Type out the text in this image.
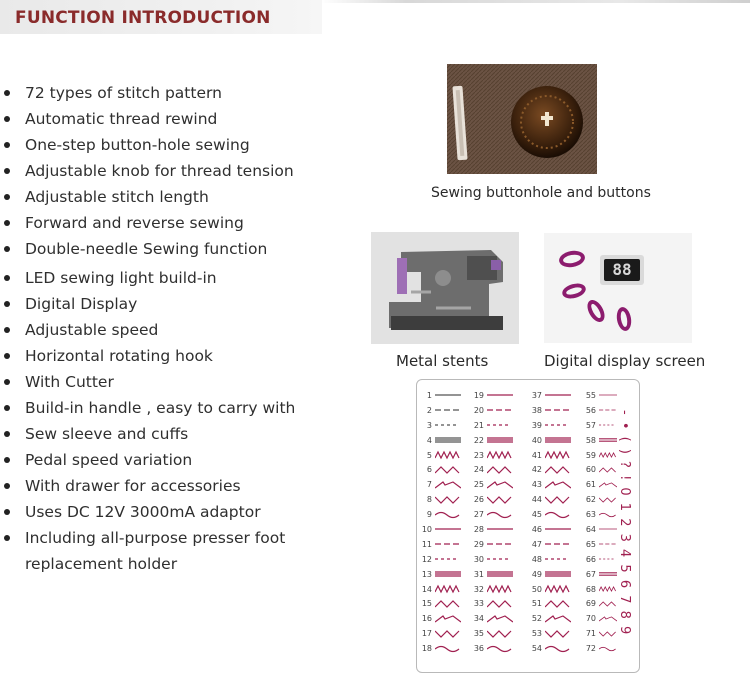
FUNCTION INTRODUCTION
72 types of stitch pattern
Automatic thread rewind
One-step button-hole sewing
Adjustable knob for thread tension
Adjustable stitch length
Forward and reverse sewing
Double-needle Sewing function
LED sewing light build-in
Digital Display
Adjustable speed
Horizontal rotating hook
With Cutter
Build-in handle , easy to carry with
Sew sleeve and cuffs
Pedal speed variation
With drawer for accessories
Uses DC 12V 3000mA adaptor
Including all-purpose presser foot replacement holder
Sewing buttonhole and buttons
Metal stents
88
Digital display screen
1
2
3
4
5
6
7
8
9
10
11
12
13
14
15
16
17
18
19
20
21
22
23
24
25
26
27
28
29
30
31
32
33
34
35
36
37
38
39
40
41
42
43
44
45
46
47
48
49
50
51
52
53
54
55
56
57
58
59
60
61
62
63
64
65
66
67
68
69
70
71
72
- • ( ) ? ! 0 1 2 3 4 5 6 7 8 9
